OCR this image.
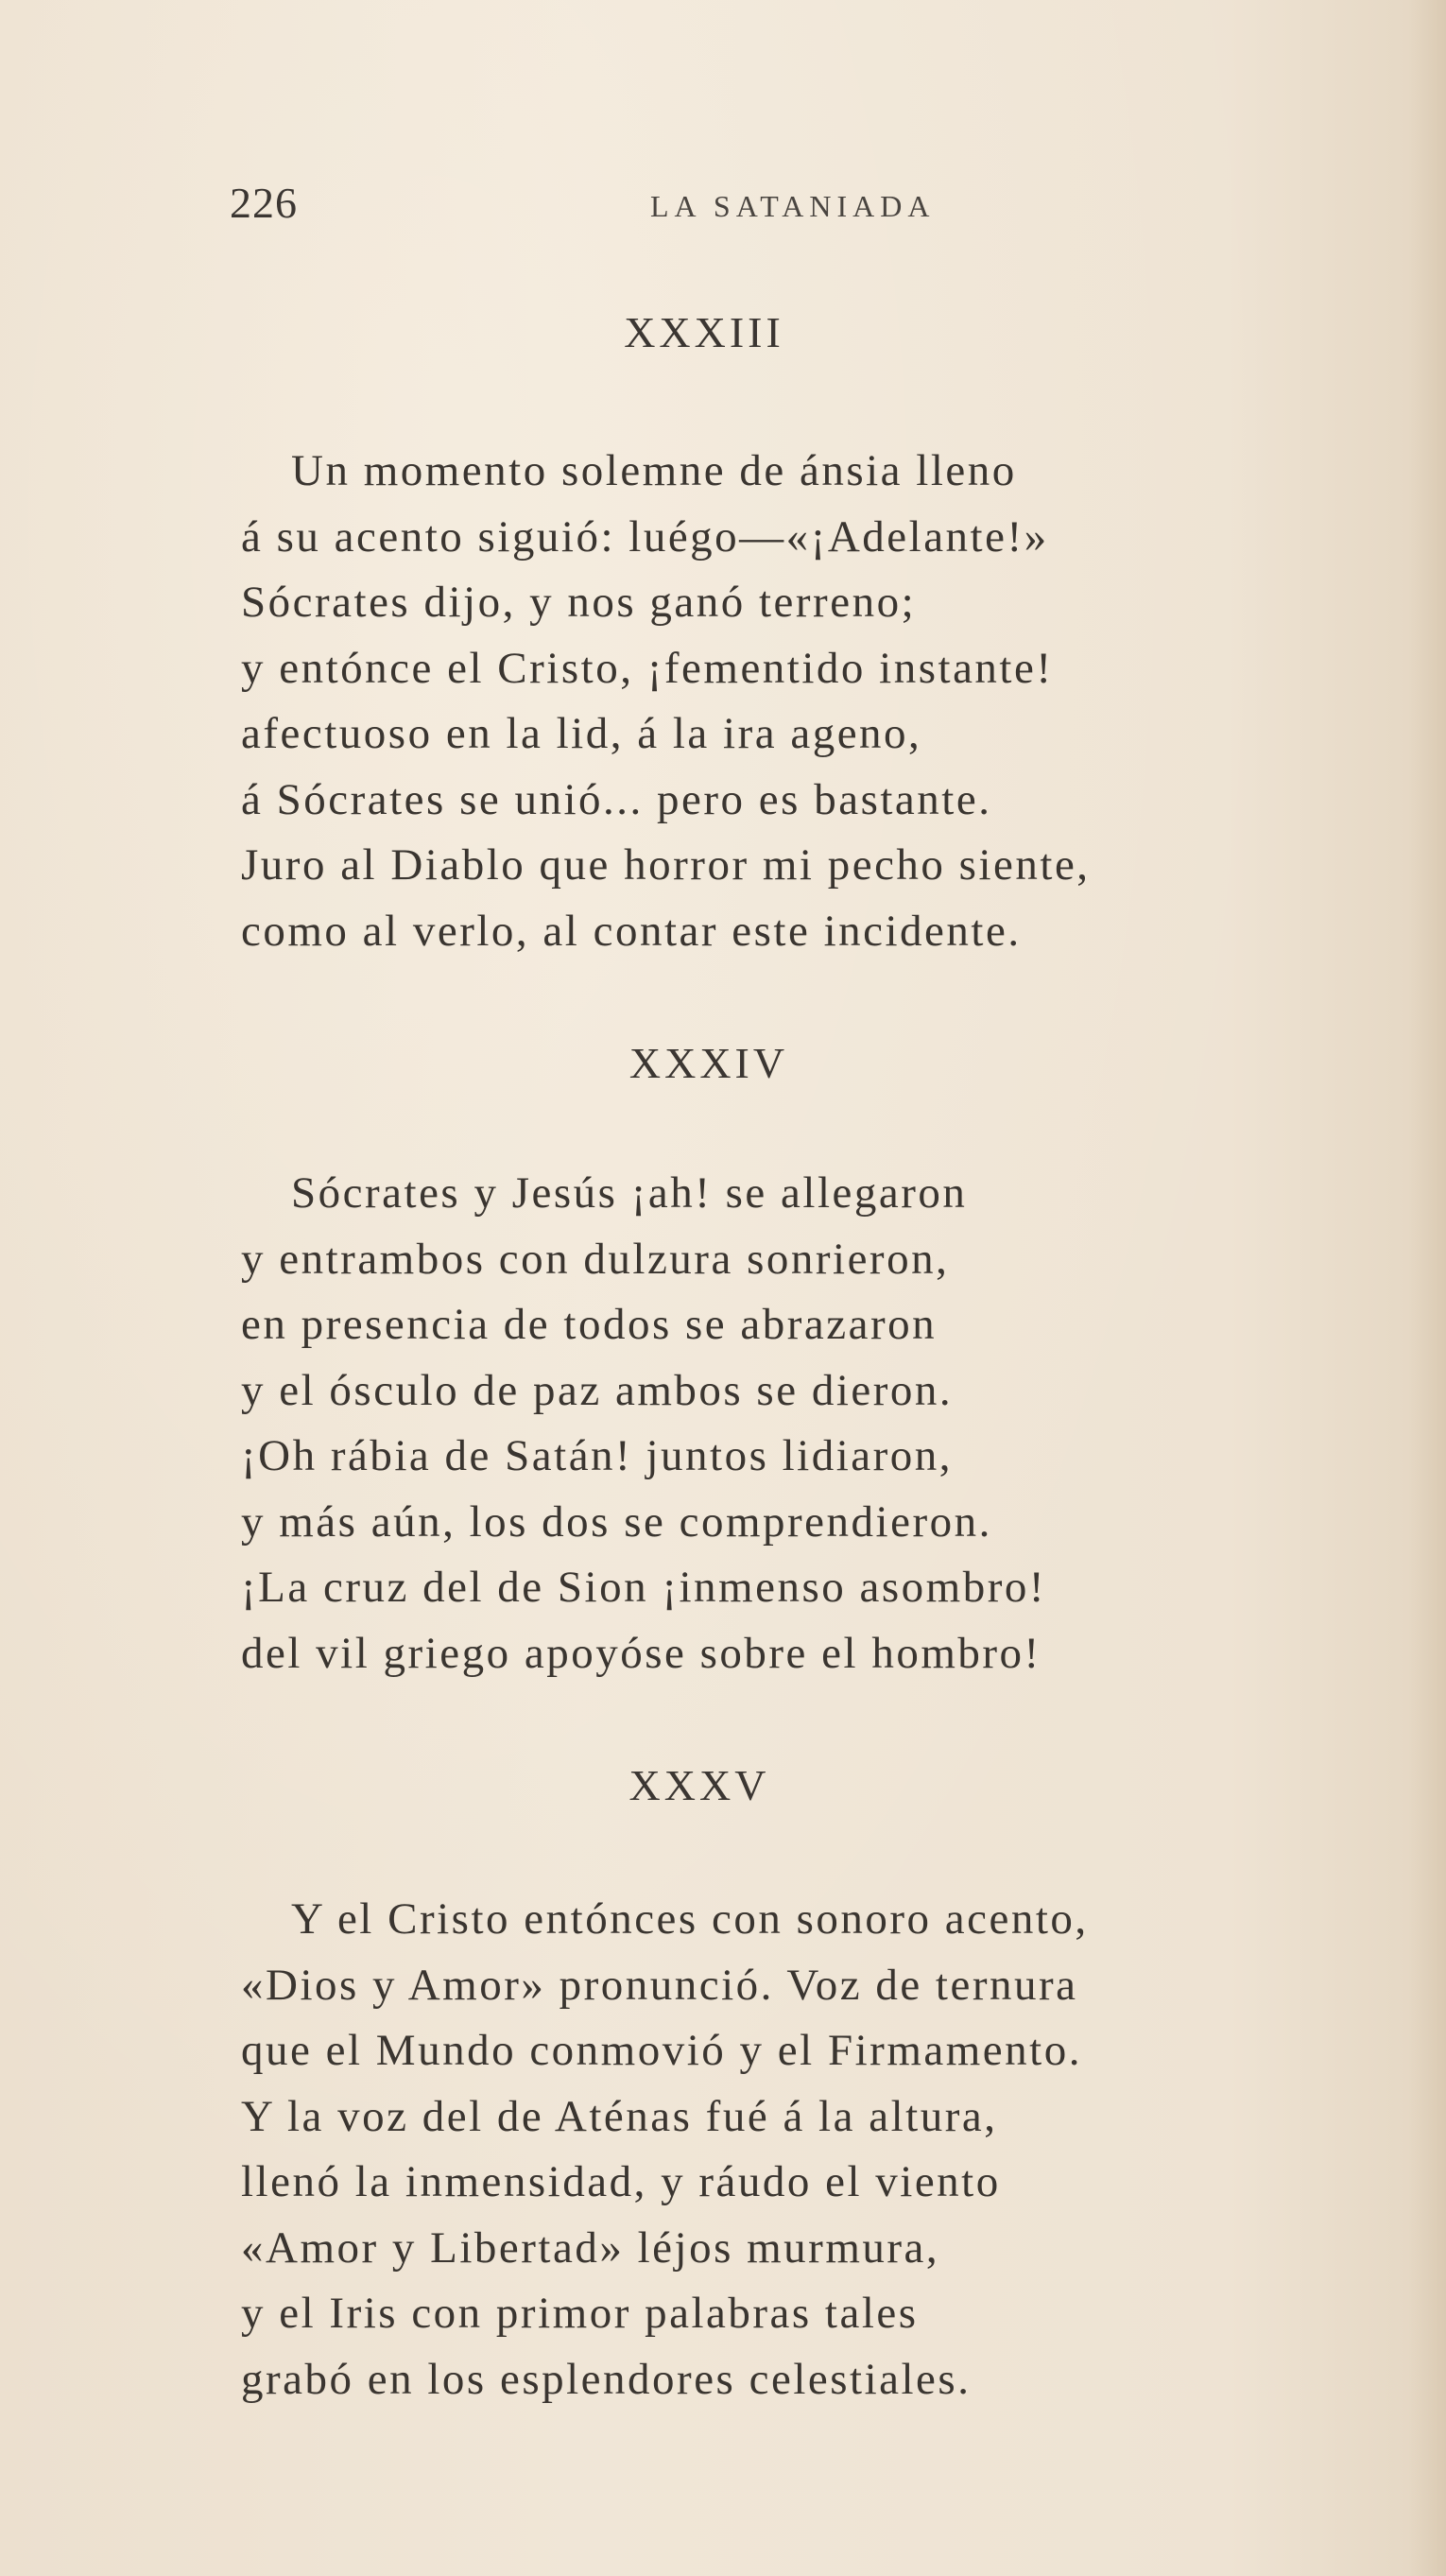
226	LA SATANIADA
XXXIII
Un momento solemne de ánsia lleno
á su acento siguió: luégo—«¡Adelante!»
Sócrates dijo, y nos ganó terreno;
y entónce el Cristo, ¡fementido instante!
afectuoso en la lid, á la ira ageno,
á Sócrates se unió... pero es bastante.
Juro al Diablo que horror mi pecho siente,
como al verlo, al contar este incidente.
XXXIV
Sócrates y Jesús ¡ah! se allegaron
y entrambos con dulzura sonrieron,
en presencia de todos se abrazaron
y el ósculo de paz ambos se dieron.
¡Oh rábia de Satán! juntos lidiaron,
y más aún, los dos se comprendieron.
¡La cruz del de Sion ¡inmenso asombro!
del vil griego apoyóse sobre el hombro!
XXXV
Y el Cristo entónces con sonoro acento,
«Dios y Amor» pronunció. Voz de ternura
que el Mundo conmovió y el Firmamento.
Y la voz del de Aténas fué á la altura,
llenó la inmensidad, y ráudo el viento
«Amor y Libertad» léjos murmura,
y el Iris con primor palabras tales
grabó en los esplendores celestiales.
